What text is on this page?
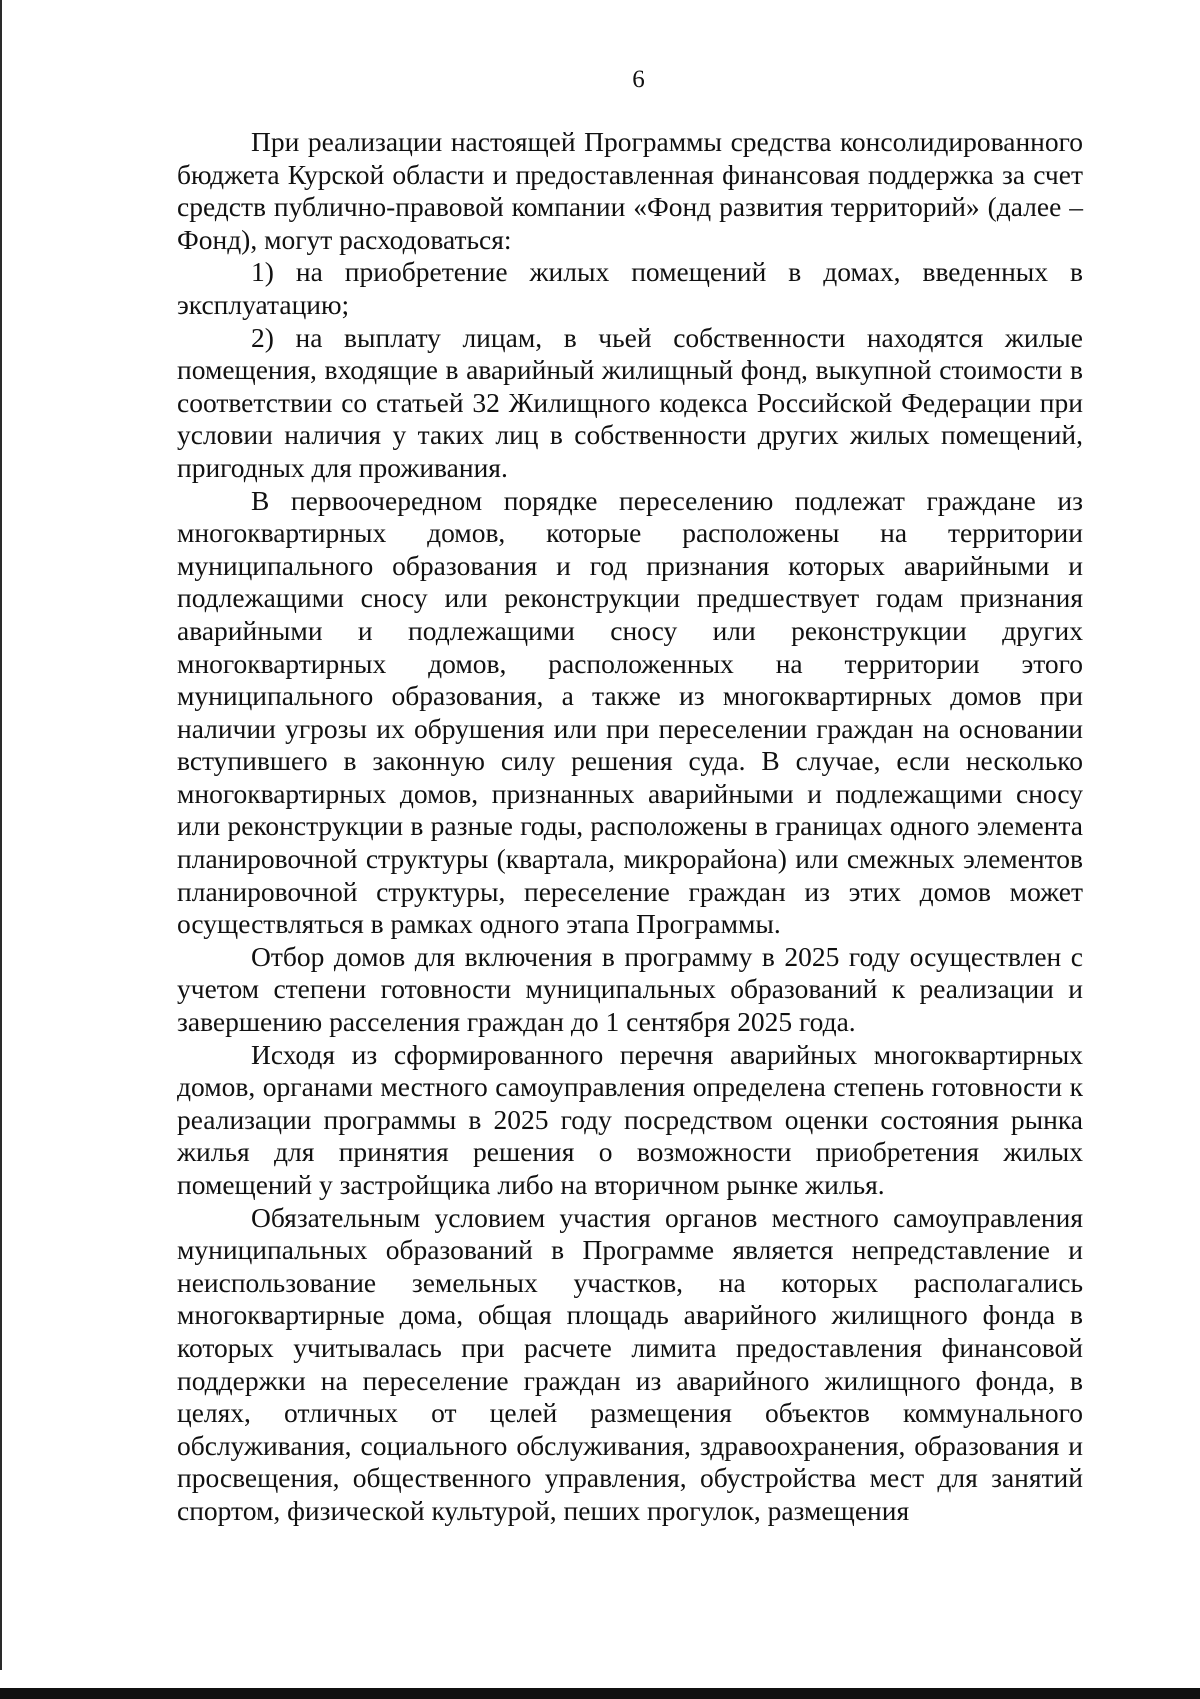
6

При реализации настоящей Программы средства консолидированного бюджета Курской области и предоставленная финансовая поддержка за счет средств публично-правовой компании «Фонд развития территорий» (далее – Фонд), могут расходоваться:

1) на приобретение жилых помещений в домах, введенных в эксплуатацию;

2) на выплату лицам, в чьей собственности находятся жилые помещения, входящие в аварийный жилищный фонд, выкупной стоимости в соответствии со статьей 32 Жилищного кодекса Российской Федерации при условии наличия у таких лиц в собственности других жилых помещений, пригодных для проживания.

В первоочередном порядке переселению подлежат граждане из многоквартирных домов, которые расположены на территории муниципального образования и год признания которых аварийными и подлежащими сносу или реконструкции предшествует годам признания аварийными и подлежащими сносу или реконструкции других многоквартирных домов, расположенных на территории этого муниципального образования, а также из многоквартирных домов при наличии угрозы их обрушения или при переселении граждан на основании вступившего в законную силу решения суда. В случае, если несколько многоквартирных домов, признанных аварийными и подлежащими сносу или реконструкции в разные годы, расположены в границах одного элемента планировочной структуры (квартала, микрорайона) или смежных элементов планировочной структуры, переселение граждан из этих домов может осуществляться в рамках одного этапа Программы.

Отбор домов для включения в программу в 2025 году осуществлен с учетом степени готовности муниципальных образований к реализации и завершению расселения граждан до 1 сентября 2025 года.

Исходя из сформированного перечня аварийных многоквартирных домов, органами местного самоуправления определена степень готовности к реализации программы в 2025 году посредством оценки состояния рынка жилья для принятия решения о возможности приобретения жилых помещений у застройщика либо на вторичном рынке жилья.

Обязательным условием участия органов местного самоуправления муниципальных образований в Программе является непредставление и неиспользование земельных участков, на которых располагались многоквартирные дома, общая площадь аварийного жилищного фонда в которых учитывалась при расчете лимита предоставления финансовой поддержки на переселение граждан из аварийного жилищного фонда, в целях, отличных от целей размещения объектов коммунального обслуживания, социального обслуживания, здравоохранения, образования и просвещения, общественного управления, обустройства мест для занятий спортом, физической культурой, пеших прогулок, размещения
